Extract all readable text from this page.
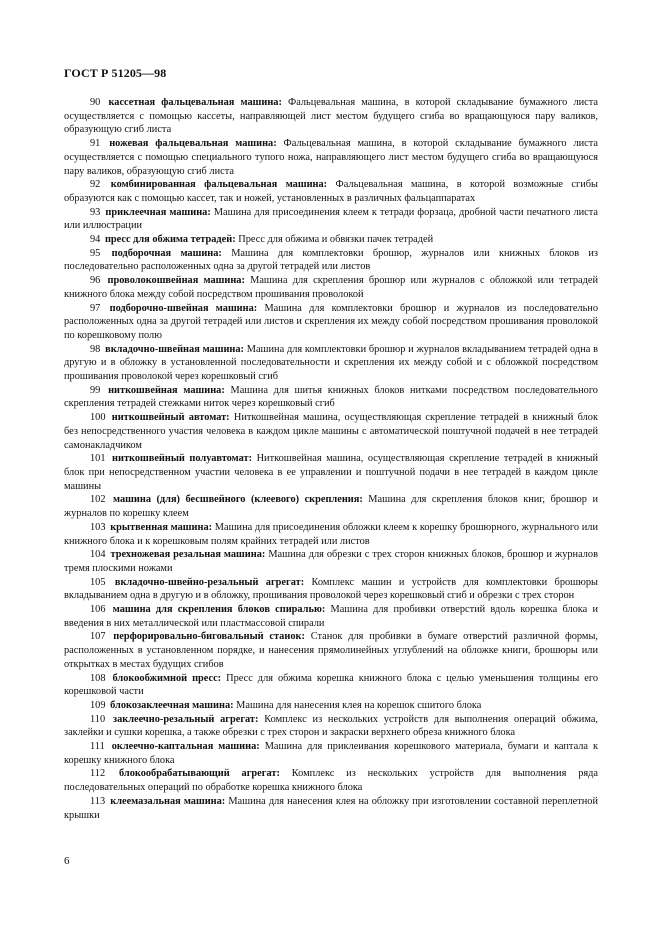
ГОСТ Р 51205—98

90 кассетная фальцевальная машина: Фальцевальная машина, в которой складывание бумажного листа осуществляется с помощью кассеты, направляющей лист местом будущего сгиба во вращающуюся пару валиков, образующую сгиб листа

91 ножевая фальцевальная машина: Фальцевальная машина, в которой складывание бумажного листа осуществляется с помощью специального тупого ножа, направляющего лист местом будущего сгиба во вращающуюся пару валиков, образующую сгиб листа

92 комбинированная фальцевальная машина: Фальцевальная машина, в которой возможные сгибы образуются как с помощью кассет, так и ножей, установленных в различных фальцаппаратах

93 приклеечная машина: Машина для присоединения клеем к тетради форзаца, дробной части печатного листа или иллюстрации

94 пресс для обжима тетрадей: Пресс для обжима и обвязки пачек тетрадей

95 подборочная машина: Машина для комплектовки брошюр, журналов или книжных блоков из последовательно расположенных одна за другой тетрадей или листов

96 проволокошвейная машина: Машина для скрепления брошюр или журналов с обложкой или тетрадей книжного блока между собой посредством прошивания проволокой

97 подборочно-швейная машина: Машина для комплектовки брошюр и журналов из последовательно расположенных одна за другой тетрадей или листов и скрепления их между собой посредством прошивания проволокой по корешковому полю

98 вкладочно-швейная машина: Машина для комплектовки брошюр и журналов вкладыванием тетрадей одна в другую и в обложку в установленной последовательности и скрепления их между собой и с обложкой посредством прошивания проволокой через корешковый сгиб

99 ниткошвейная машина: Машина для шитья книжных блоков нитками посредством последовательного скрепления тетрадей стежками ниток через корешковый сгиб

100 ниткошвейный автомат: Ниткошвейная машина, осуществляющая скрепление тетрадей в книжный блок без непосредственного участия человека в каждом цикле машины с автоматической поштучной подачей в нее тетрадей самонакладчиком

101 ниткошвейный полуавтомат: Ниткошвейная машина, осуществляющая скрепление тетрадей в книжный блок при непосредственном участии человека в ее управлении и поштучной подачи в нее тетрадей в каждом цикле машины

102 машина (для) бесшвейного (клеевого) скрепления: Машина для скрепления блоков книг, брошюр и журналов по корешку клеем

103 крытвенная машина: Машина для присоединения обложки клеем к корешку брошюрного, журнального или книжного блока и к корешковым полям крайних тетрадей или листов

104 трехножевая резальная машина: Машина для обрезки с трех сторон книжных блоков, брошюр и журналов тремя плоскими ножами

105 вкладочно-швейно-резальный агрегат: Комплекс машин и устройств для комплектовки брошюры вкладыванием одна в другую и в обложку, прошивания проволокой через корешковый сгиб и обрезки с трех сторон

106 машина для скрепления блоков спиралью: Машина для пробивки отверстий вдоль корешка блока и введения в них металлической или пластмассовой спирали

107 перфорировально-биговальный станок: Станок для пробивки в бумаге отверстий различной формы, расположенных в установленном порядке, и нанесения прямолинейных углублений на обложке книги, брошюры или открытках в местах будущих сгибов

108 блокообжимной пресс: Пресс для обжима корешка книжного блока с целью уменьшения толщины его корешковой части

109 блокозаклеечная машина: Машина для нанесения клея на корешок сшитого блока

110 заклеечно-резальный агрегат: Комплекс из нескольких устройств для выполнения операций обжима, заклейки и сушки корешка, а также обрезки с трех сторон и закраски верхнего обреза книжного блока

111 оклеечно-каптальная машина: Машина для приклеивания корешкового материала, бумаги и каптала к корешку книжного блока

112 блокообрабатывающий агрегат: Комплекс из нескольких устройств для выполнения ряда последовательных операций по обработке корешка книжного блока

113 клеемазальная машина: Машина для нанесения клея на обложку при изготовлении составной переплетной крышки

6
